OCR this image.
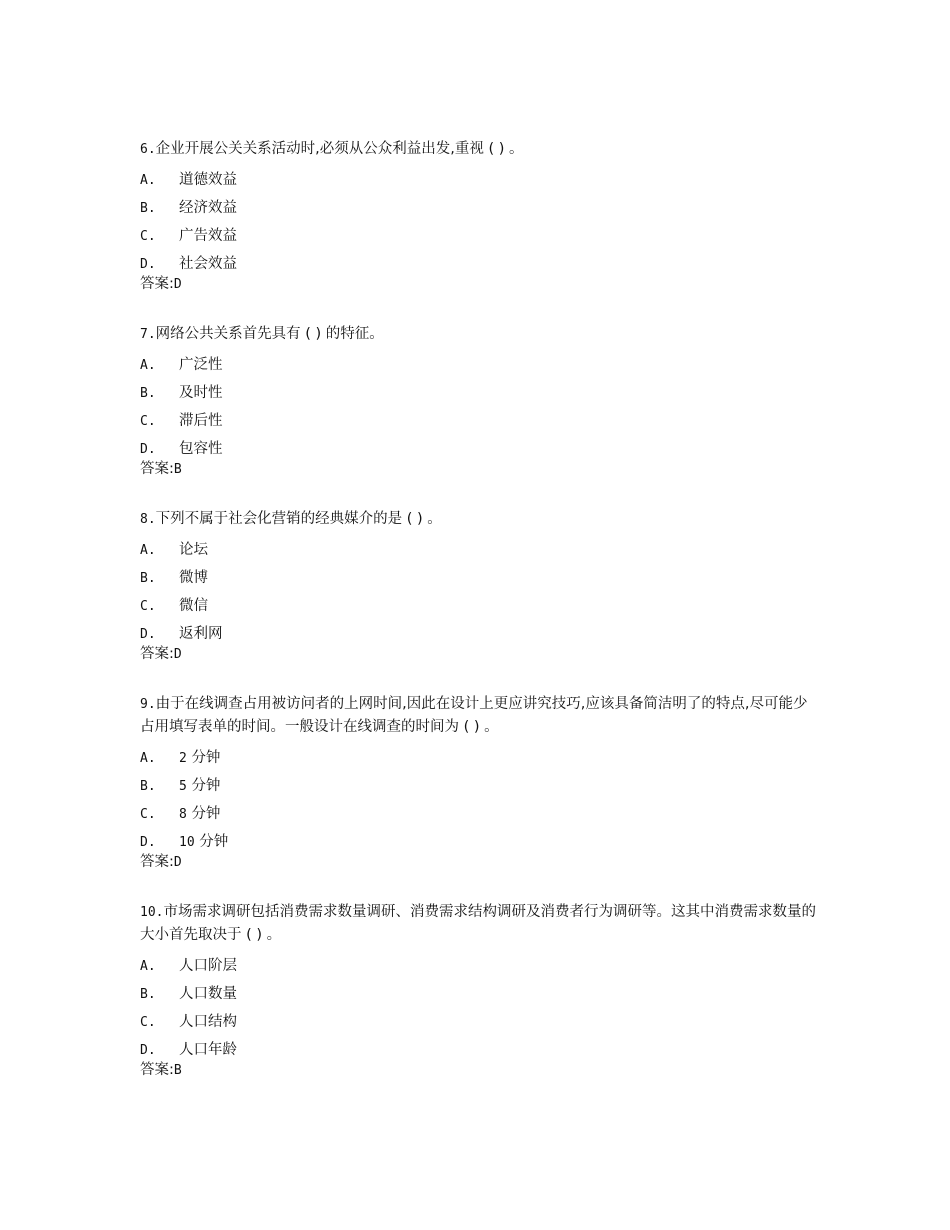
6.企业开展公关关系活动时,必须从公众利益出发,重视 ( ) 。
A. 道德效益
B. 经济效益
C. 广告效益
D. 社会效益
答案:D
7.网络公共关系首先具有 ( ) 的特征。
A. 广泛性
B. 及时性
C. 滞后性
D. 包容性
答案:B
8.下列不属于社会化营销的经典媒介的是 ( ) 。
A. 论坛
B. 微博
C. 微信
D. 返利网
答案:D
9.由于在线调查占用被访问者的上网时间,因此在设计上更应讲究技巧,应该具备简洁明了的特点,尽可能少占用填写表单的时间。一般设计在线调查的时间为 ( ) 。
A. 2 分钟
B. 5 分钟
C. 8 分钟
D. 10 分钟
答案:D
10.市场需求调研包括消费需求数量调研、消费需求结构调研及消费者行为调研等。这其中消费需求数量的大小首先取决于 ( ) 。
A. 人口阶层
B. 人口数量
C. 人口结构
D. 人口年龄
答案:B
